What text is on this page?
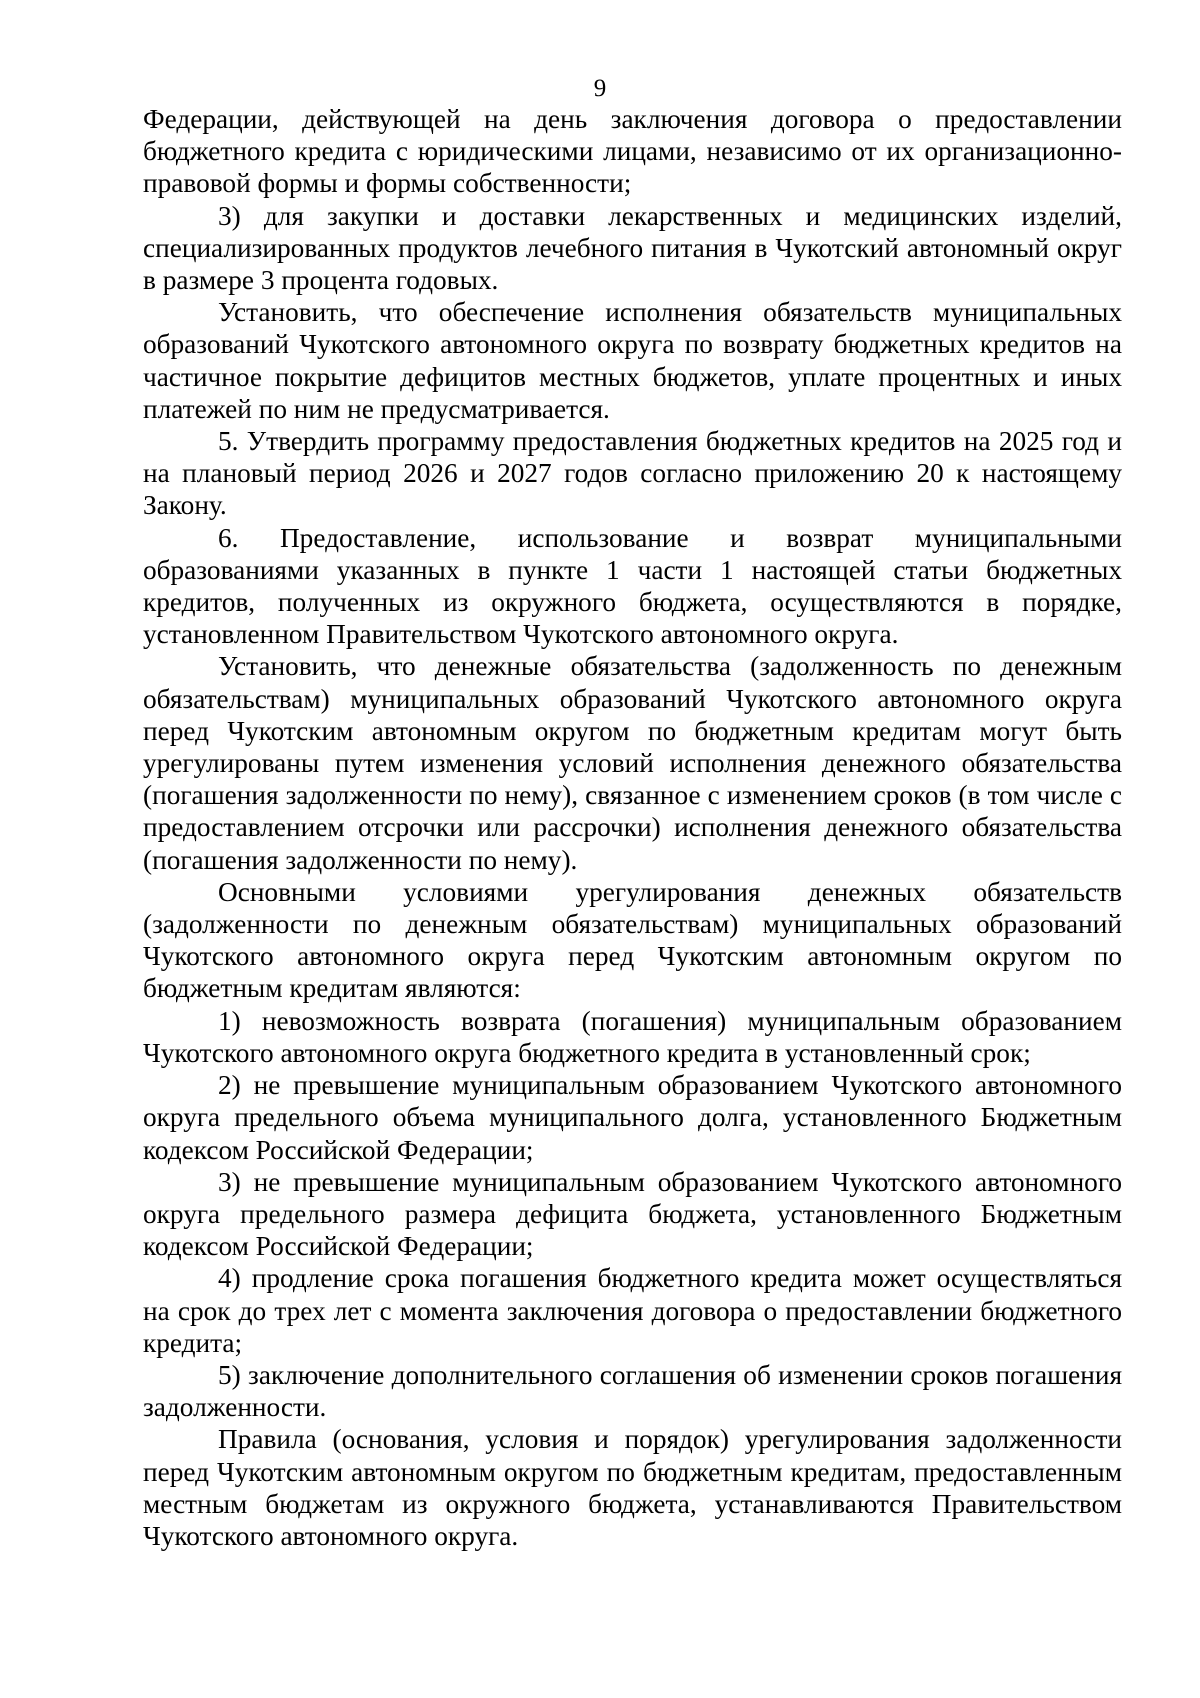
9

Федерации, действующей на день заключения договора о предоставлении бюджетного кредита с юридическими лицами, независимо от их организационно-правовой формы и формы собственности;

3) для закупки и доставки лекарственных и медицинских изделий, специализированных продуктов лечебного питания в Чукотский автономный округ в размере 3 процента годовых.

Установить, что обеспечение исполнения обязательств муниципальных образований Чукотского автономного округа по возврату бюджетных кредитов на частичное покрытие дефицитов местных бюджетов, уплате процентных и иных платежей по ним не предусматривается.

5. Утвердить программу предоставления бюджетных кредитов на 2025 год и на плановый период 2026 и 2027 годов согласно приложению 20 к настоящему Закону.

6. Предоставление, использование и возврат муниципальными образованиями указанных в пункте 1 части 1 настоящей статьи бюджетных кредитов, полученных из окружного бюджета, осуществляются в порядке, установленном Правительством Чукотского автономного округа.

Установить, что денежные обязательства (задолженность по денежным обязательствам) муниципальных образований Чукотского автономного округа перед Чукотским автономным округом по бюджетным кредитам могут быть урегулированы путем изменения условий исполнения денежного обязательства (погашения задолженности по нему), связанное с изменением сроков (в том числе с предоставлением отсрочки или рассрочки) исполнения денежного обязательства (погашения задолженности по нему).

Основными условиями урегулирования денежных обязательств (задолженности по денежным обязательствам) муниципальных образований Чукотского автономного округа перед Чукотским автономным округом по бюджетным кредитам являются:

1) невозможность возврата (погашения) муниципальным образованием Чукотского автономного округа бюджетного кредита в установленный срок;

2) не превышение муниципальным образованием Чукотского автономного округа предельного объема муниципального долга, установленного Бюджетным кодексом Российской Федерации;

3) не превышение муниципальным образованием Чукотского автономного округа предельного размера дефицита бюджета, установленного Бюджетным кодексом Российской Федерации;

4) продление срока погашения бюджетного кредита может осуществляться на срок до трех лет с момента заключения договора о предоставлении бюджетного кредита;

5) заключение дополнительного соглашения об изменении сроков погашения задолженности.

Правила (основания, условия и порядок) урегулирования задолженности перед Чукотским автономным округом по бюджетным кредитам, предоставленным местным бюджетам из окружного бюджета, устанавливаются Правительством Чукотского автономного округа.
